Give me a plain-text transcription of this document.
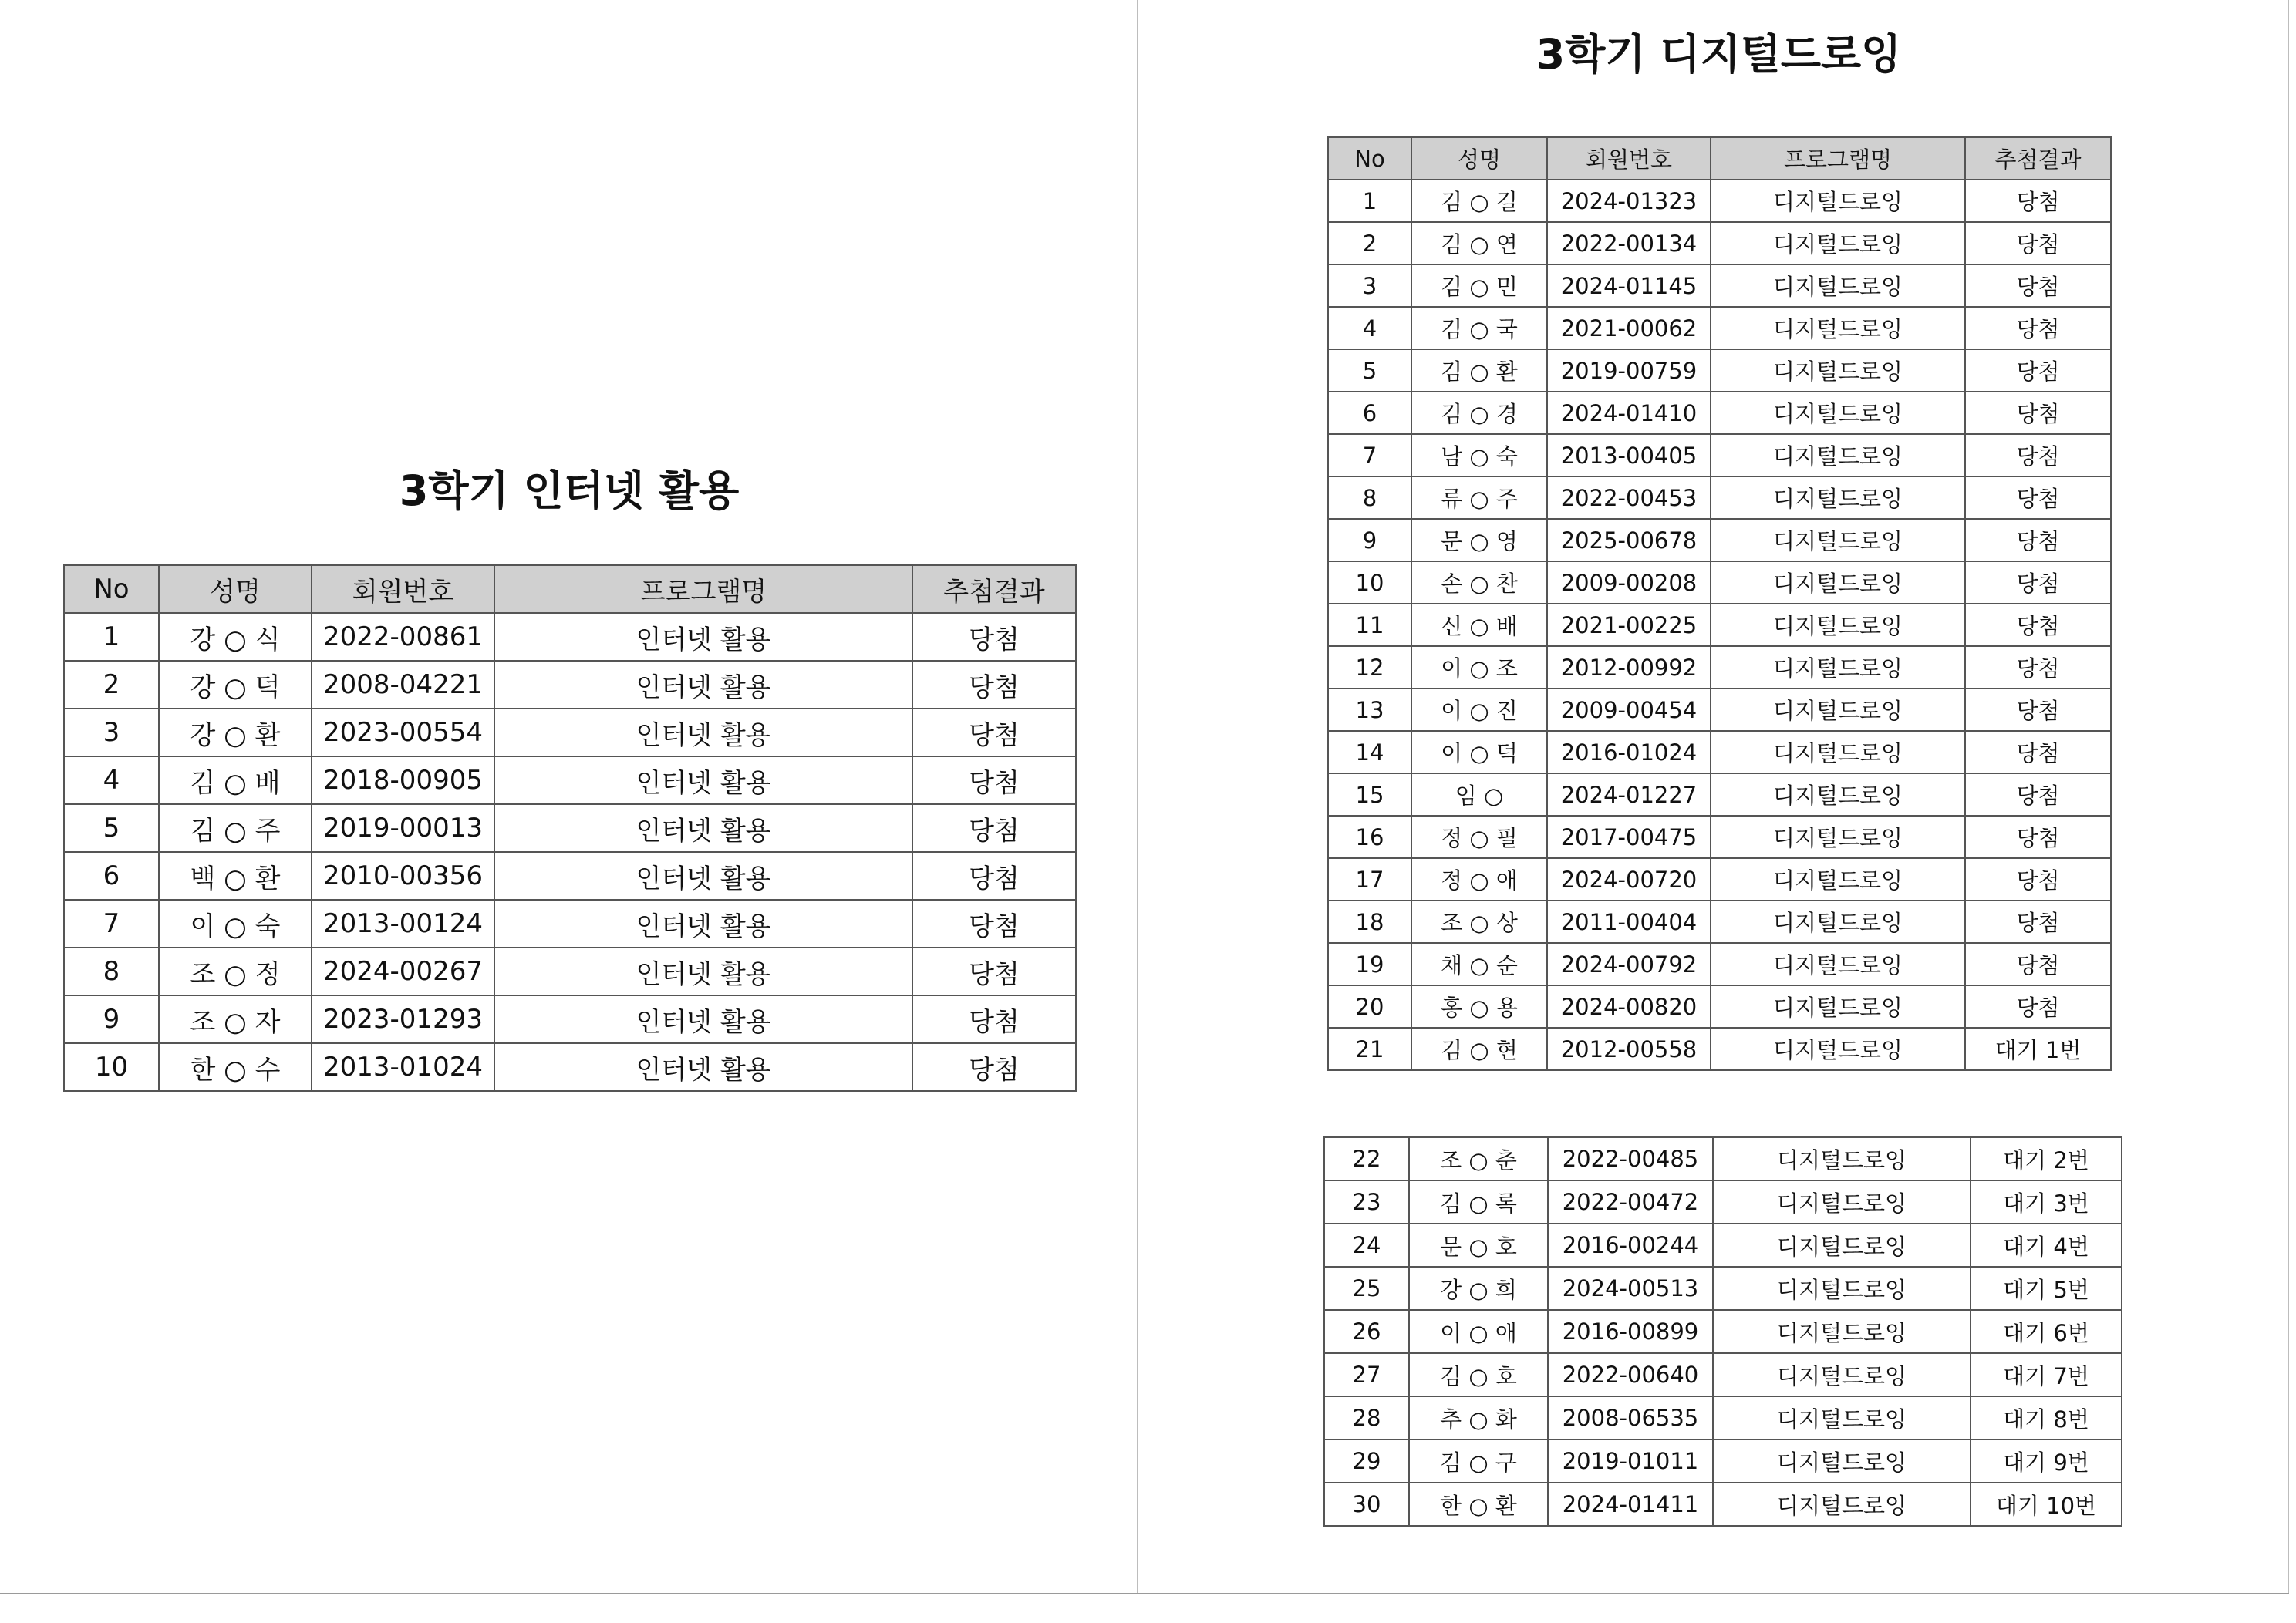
3학기 인터넷 활용
No	성명	회원번호	프로그램명	추첨결과
1	강 ○ 식	2022-00861	인터넷 활용	당첨
2	강 ○ 덕	2008-04221	인터넷 활용	당첨
3	강 ○ 환	2023-00554	인터넷 활용	당첨
4	김 ○ 배	2018-00905	인터넷 활용	당첨
5	김 ○ 주	2019-00013	인터넷 활용	당첨
6	백 ○ 환	2010-00356	인터넷 활용	당첨
7	이 ○ 숙	2013-00124	인터넷 활용	당첨
8	조 ○ 정	2024-00267	인터넷 활용	당첨
9	조 ○ 자	2023-01293	인터넷 활용	당첨
10	한 ○ 수	2013-01024	인터넷 활용	당첨
3학기 디지털드로잉
No	성명	회원번호	프로그램명	추첨결과
1	김 ○ 길	2024-01323	디지털드로잉	당첨
2	김 ○ 연	2022-00134	디지털드로잉	당첨
3	김 ○ 민	2024-01145	디지털드로잉	당첨
4	김 ○ 국	2021-00062	디지털드로잉	당첨
5	김 ○ 환	2019-00759	디지털드로잉	당첨
6	김 ○ 경	2024-01410	디지털드로잉	당첨
7	남 ○ 숙	2013-00405	디지털드로잉	당첨
8	류 ○ 주	2022-00453	디지털드로잉	당첨
9	문 ○ 영	2025-00678	디지털드로잉	당첨
10	손 ○ 찬	2009-00208	디지털드로잉	당첨
11	신 ○ 배	2021-00225	디지털드로잉	당첨
12	이 ○ 조	2012-00992	디지털드로잉	당첨
13	이 ○ 진	2009-00454	디지털드로잉	당첨
14	이 ○ 덕	2016-01024	디지털드로잉	당첨
15	임 ○	2024-01227	디지털드로잉	당첨
16	정 ○ 필	2017-00475	디지털드로잉	당첨
17	정 ○ 애	2024-00720	디지털드로잉	당첨
18	조 ○ 상	2011-00404	디지털드로잉	당첨
19	채 ○ 순	2024-00792	디지털드로잉	당첨
20	홍 ○ 용	2024-00820	디지털드로잉	당첨
21	김 ○ 현	2012-00558	디지털드로잉	대기 1번
22	조 ○ 춘	2022-00485	디지털드로잉	대기 2번
23	김 ○ 록	2022-00472	디지털드로잉	대기 3번
24	문 ○ 호	2016-00244	디지털드로잉	대기 4번
25	강 ○ 희	2024-00513	디지털드로잉	대기 5번
26	이 ○ 애	2016-00899	디지털드로잉	대기 6번
27	김 ○ 호	2022-00640	디지털드로잉	대기 7번
28	추 ○ 화	2008-06535	디지털드로잉	대기 8번
29	김 ○ 구	2019-01011	디지털드로잉	대기 9번
30	한 ○ 환	2024-01411	디지털드로잉	대기 10번
